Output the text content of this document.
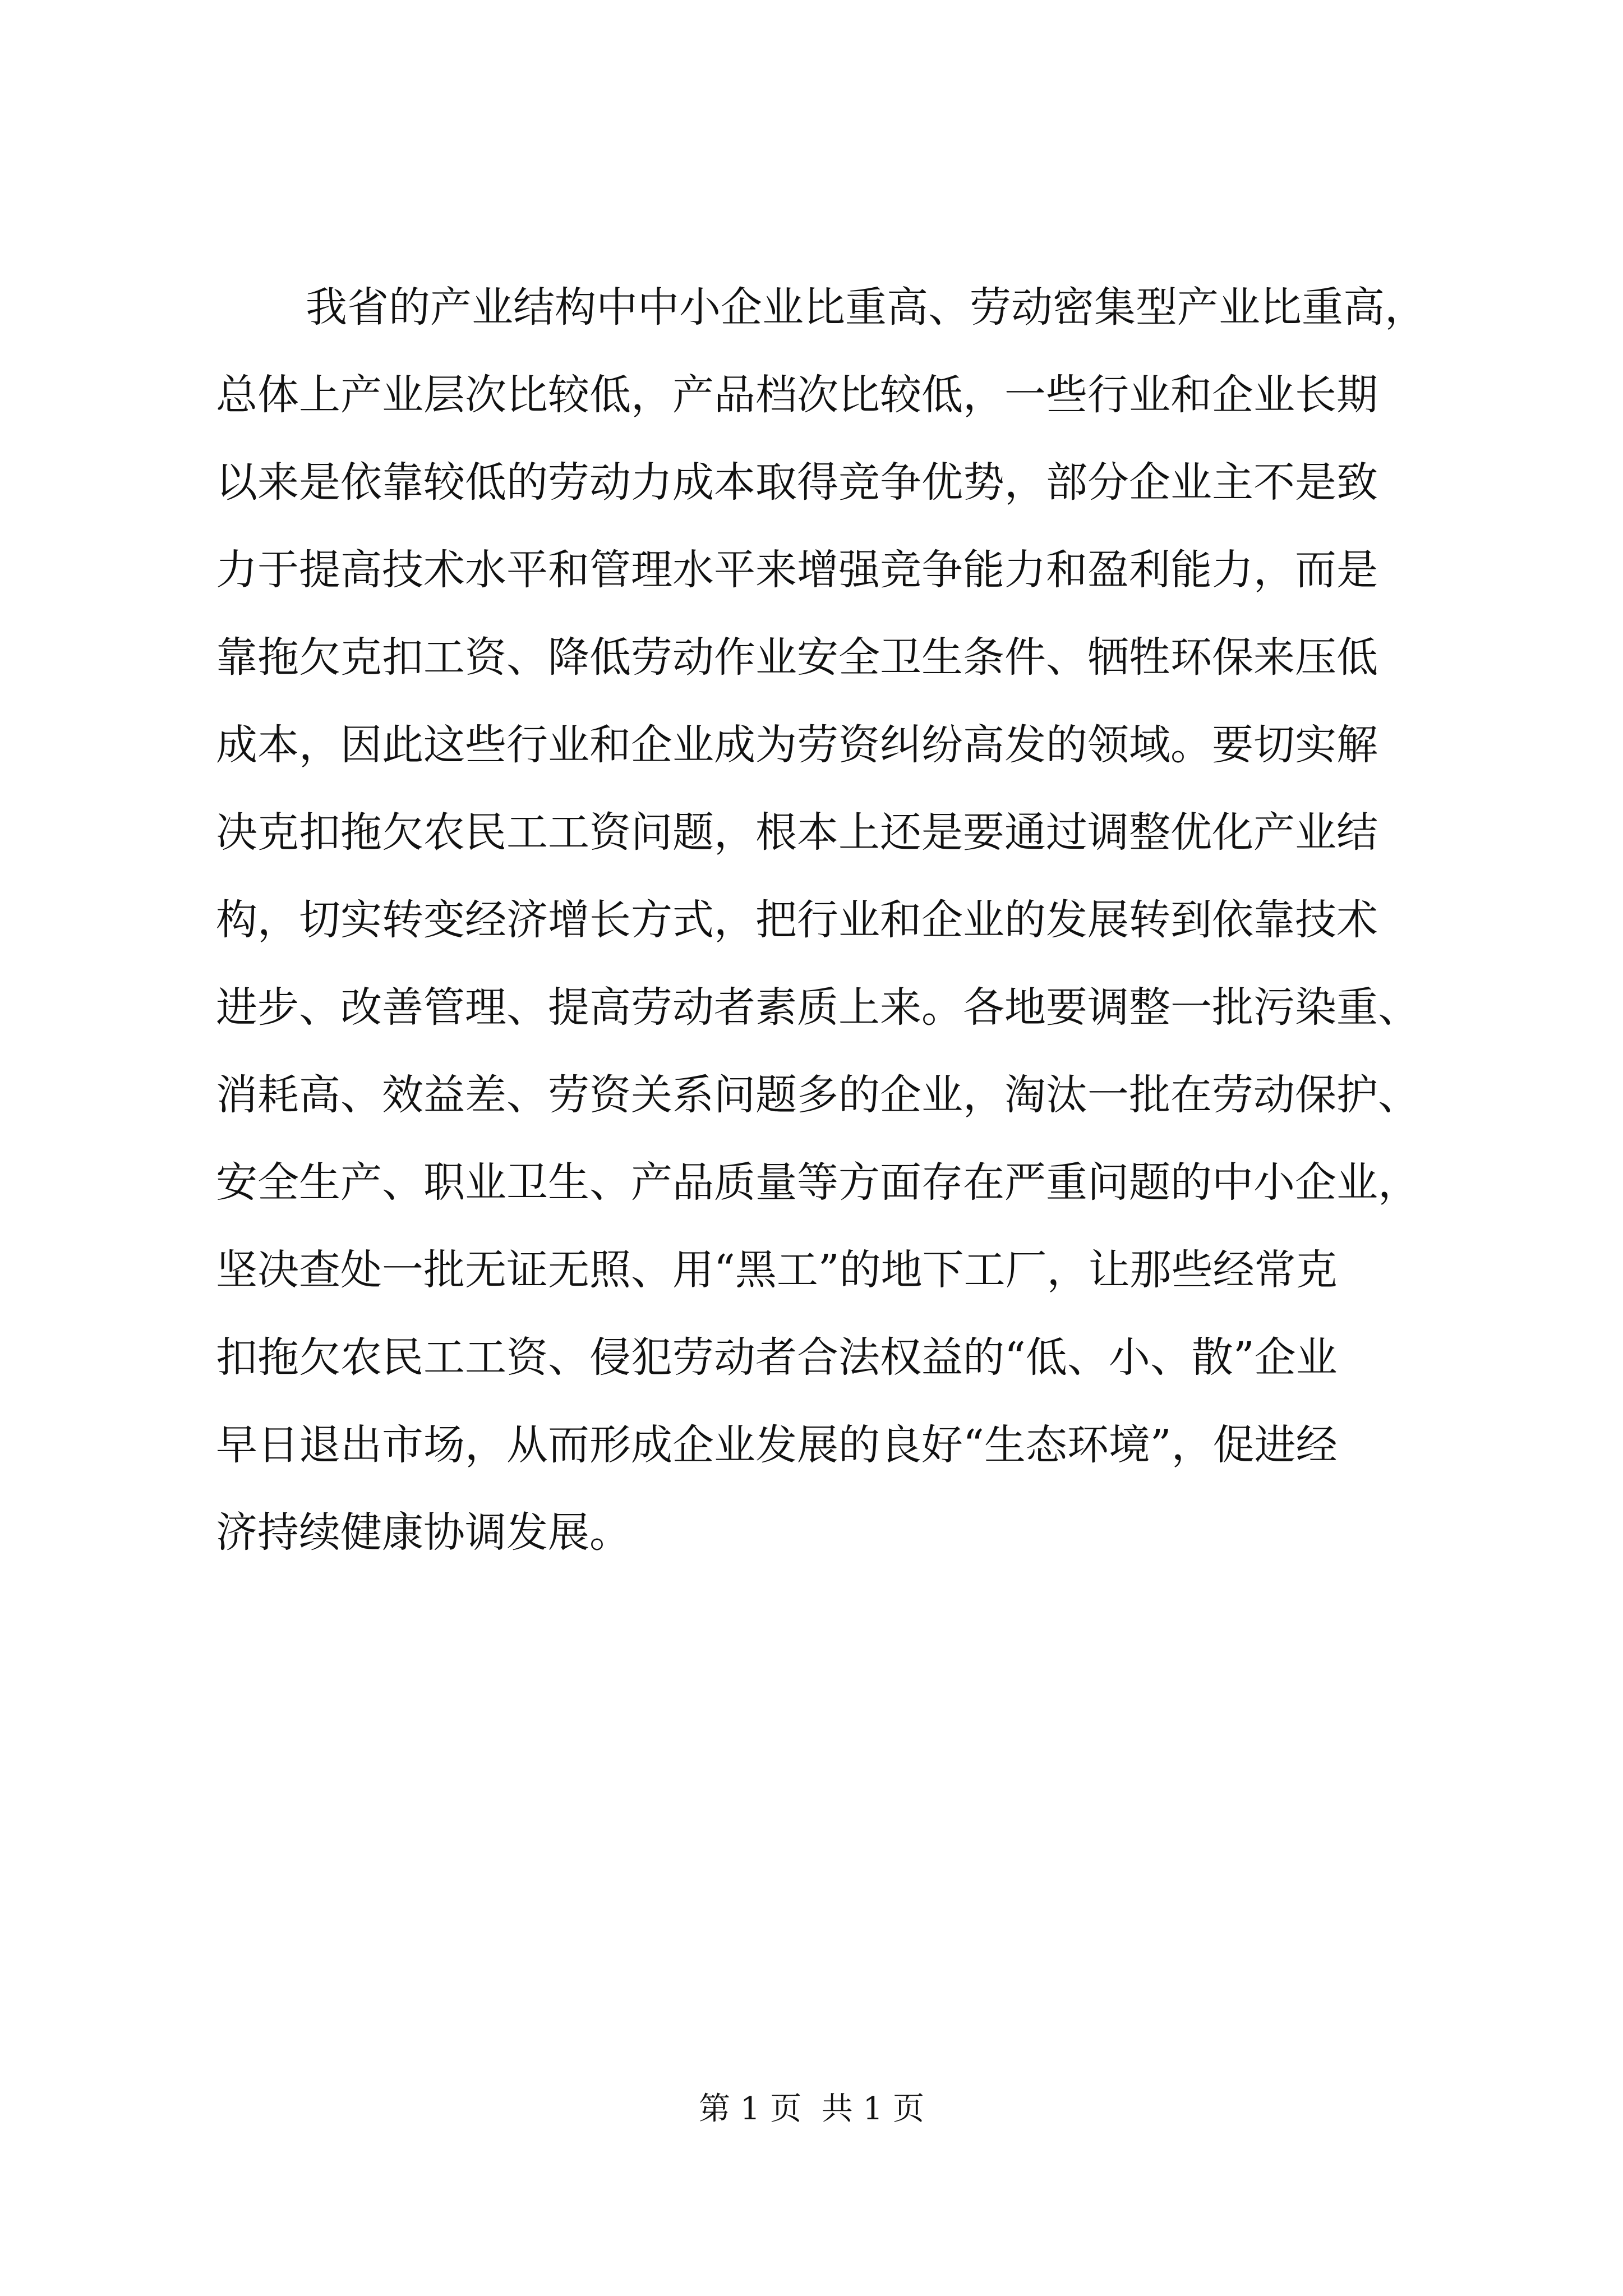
我省的产业结构中中小企业比重高、劳动密集型产业比重高，
总体上产业层次比较低，产品档次比较低，一些行业和企业长期
以来是依靠较低的劳动力成本取得竞争优势，部分企业主不是致
力于提高技术水平和管理水平来增强竞争能力和盈利能力，而是
靠拖欠克扣工资、降低劳动作业安全卫生条件、牺牲环保来压低
成本，因此这些行业和企业成为劳资纠纷高发的领域。要切实解
决克扣拖欠农民工工资问题，根本上还是要通过调整优化产业结
构，切实转变经济增长方式，把行业和企业的发展转到依靠技术
进步、改善管理、提高劳动者素质上来。各地要调整一批污染重、
消耗高、效益差、劳资关系问题多的企业，淘汰一批在劳动保护、
安全生产、职业卫生、产品质量等方面存在严重问题的中小企业，
坚决查处一批无证无照、用“黑工”的地下工厂，让那些经常克
扣拖欠农民工工资、侵犯劳动者合法权益的“低、小、散”企业
早日退出市场，从而形成企业发展的良好“生态环境”，促进经
济持续健康协调发展。
第 1 页  共 1 页
